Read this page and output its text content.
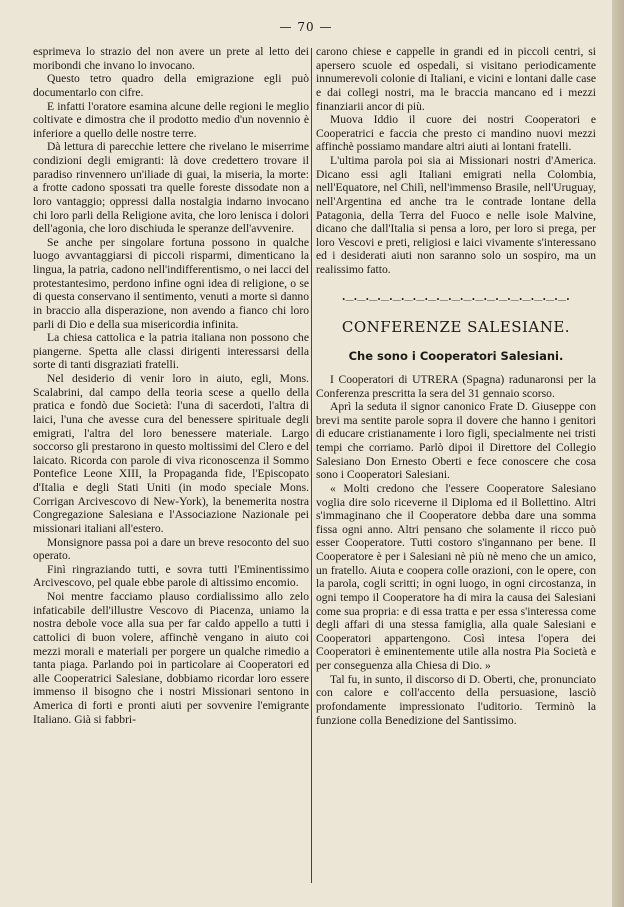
— 70 —

esprimeva lo strazio del non avere un prete al letto dei moribondi che invano lo invocano.

Questo tetro quadro della emigrazione egli può documentarlo con cifre.

E infatti l'oratore esamina alcune delle regioni le meglio coltivate e dimostra che il prodotto medio d'un novennio è inferiore a quello delle nostre terre.

Dà lettura di parecchie lettere che rivelano le miserrime condizioni degli emigranti: là dove credettero trovare il paradiso rinvennero un'iliade di guai, la miseria, la morte: a frotte cadono spossati tra quelle foreste dissodate non a loro vantaggio; oppressi dalla nostalgia indarno invocano chi loro parli della Religione avita, che loro lenisca i dolori dell'agonia, che loro dischiuda le speranze dell'avvenire.

Se anche per singolare fortuna possono in qualche luogo avvantaggiarsi di piccoli risparmi, dimenticano la lingua, la patria, cadono nell'indifferentismo, o nei lacci del protestantesimo, perdono infine ogni idea di religione, o se di questa conservano il sentimento, venuti a morte si danno in braccio alla disperazione, non avendo a fianco chi loro parli di Dio e della sua misericordia infinita.

La chiesa cattolica e la patria italiana non possono che piangerne. Spetta alle classi dirigenti interessarsi della sorte di tanti disgraziati fratelli.

Nel desiderio di venir loro in aiuto, egli, Mons. Scalabrini, dal campo della teoria scese a quello della pratica e fondò due Società: l'una di sacerdoti, l'altra di laici, l'una che avesse cura del benessere spirituale degli emigrati, l'altra del loro benessere materiale. Largo soccorso gli prestarono in questo moltissimi del Clero e del laicato. Ricorda con parole di viva riconoscenza il Sommo Pontefice Leone XIII, la Propaganda fide, l'Episcopato d'Italia e degli Stati Uniti (in modo speciale Mons. Corrigan Arcivescovo di New-York), la benemerita nostra Congregazione Salesiana e l'Associazione Nazionale pei missionari italiani all'estero.

Monsignore passa poi a dare un breve resoconto del suo operato.

Finì ringraziando tutti, e sovra tutti l'Eminentissimo Arcivescovo, pel quale ebbe parole di altissimo encomio.

Noi mentre facciamo plauso cordialissimo allo zelo infaticabile dell'illustre Vescovo di Piacenza, uniamo la nostra debole voce alla sua per far caldo appello a tutti i cattolici di buon volere, affinchè vengano in aiuto coi mezzi morali e materiali per porgere un qualche rimedio a tanta piaga. Parlando poi in particolare ai Cooperatori ed alle Cooperatrici Salesiane, dobbiamo ricordar loro essere immenso il bisogno che i nostri Missionari sentono in America di forti e pronti aiuti per sovvenire l'emigrante Italiano. Già si fabbri-

carono chiese e cappelle in grandi ed in piccoli centri, si apersero scuole ed ospedali, si visitano periodicamente innumerevoli colonie di Italiani, e vicini e lontani dalle case e dai collegi nostri, ma le braccia mancano ed i mezzi finanziarii ancor di più.

Muova Iddio il cuore dei nostri Cooperatori e Cooperatrici e faccia che presto ci mandino nuovi mezzi affinchè possiamo mandare altri aiuti ai lontani fratelli.

L'ultima parola poi sia ai Missionari nostri d'America. Dicano essi agli Italiani emigrati nella Colombia, nell'Equatore, nel Chilì, nell'immenso Brasile, nell'Uruguay, nell'Argentina ed anche tra le contrade lontane della Patagonia, della Terra del Fuoco e nelle isole Malvine, dicano che dall'Italia si pensa a loro, per loro si prega, per loro Vescovi e preti, religiosi e laici vivamente s'interessano ed i desiderati aiuti non saranno solo un sospiro, ma un realissimo fatto.

•—•—•—•—•—•—•—•—•—•—•—•—•—•—•—•—•—•—•—•
CONFERENZE SALESIANE.
Che sono i Cooperatori Salesiani.

I Cooperatori di UTRERA (Spagna) radunaronsi per la Conferenza prescritta la sera del 31 gennaio scorso.

Aprì la seduta il signor canonico Frate D. Giuseppe con brevi ma sentite parole sopra il dovere che hanno i genitori di educare cristianamente i loro figli, specialmente nei tristi tempi che corriamo. Parlò dipoi il Direttore del Collegio Salesiano Don Ernesto Oberti e fece conoscere che cosa sono i Cooperatori Salesiani.

« Molti credono che l'essere Cooperatore Salesiano voglia dire solo riceverne il Diploma ed il Bollettino. Altri s'immaginano che il Cooperatore debba dare una somma fissa ogni anno. Altri pensano che solamente il ricco può esser Cooperatore. Tutti costoro s'ingannano per bene. Il Cooperatore è per i Salesiani nè più nè meno che un amico, un fratello. Aiuta e coopera colle orazioni, con le opere, con la parola, cogli scritti; in ogni luogo, in ogni circostanza, in ogni tempo il Cooperatore ha di mira la causa dei Salesiani come sua propria: e di essa tratta e per essa s'interessa come degli affari di una stessa famiglia, alla quale Salesiani e Cooperatori appartengono. Così intesa l'opera dei Cooperatori è eminentemente utile alla nostra Pia Società e per conseguenza alla Chiesa di Dio. »

Tal fu, in sunto, il discorso di D. Oberti, che, pronunciato con calore e coll'accento della persuasione, lasciò profondamente impressionato l'uditorio. Terminò la funzione colla Benedizione del Santissimo.
